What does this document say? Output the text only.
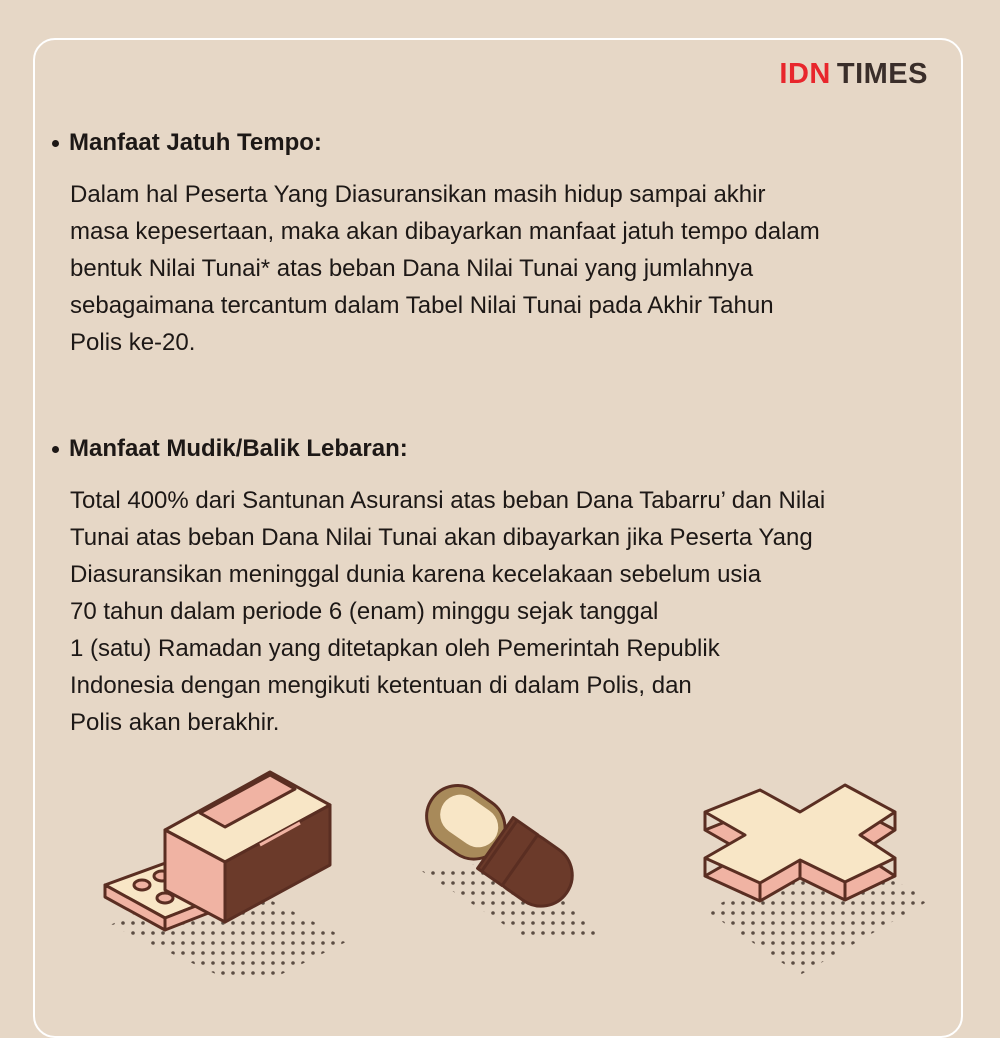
IDN TIMES
Manfaat Jatuh Tempo:
Dalam hal Peserta Yang Diasuransikan masih hidup sampai akhir
masa kepesertaan, maka akan dibayarkan manfaat jatuh tempo dalam
bentuk Nilai Tunai* atas beban Dana Nilai Tunai yang jumlahnya
sebagaimana tercantum dalam Tabel Nilai Tunai pada Akhir Tahun
Polis ke-20.
Manfaat Mudik/Balik Lebaran:
Total 400% dari Santunan Asuransi atas beban Dana Tabarru’ dan Nilai
Tunai atas beban Dana Nilai Tunai akan dibayarkan jika Peserta Yang
Diasuransikan meninggal dunia karena kecelakaan sebelum usia
70 tahun dalam periode 6 (enam) minggu sejak tanggal
1 (satu) Ramadan yang ditetapkan oleh Pemerintah Republik
Indonesia dengan mengikuti ketentuan di dalam Polis, dan
Polis akan berakhir.
